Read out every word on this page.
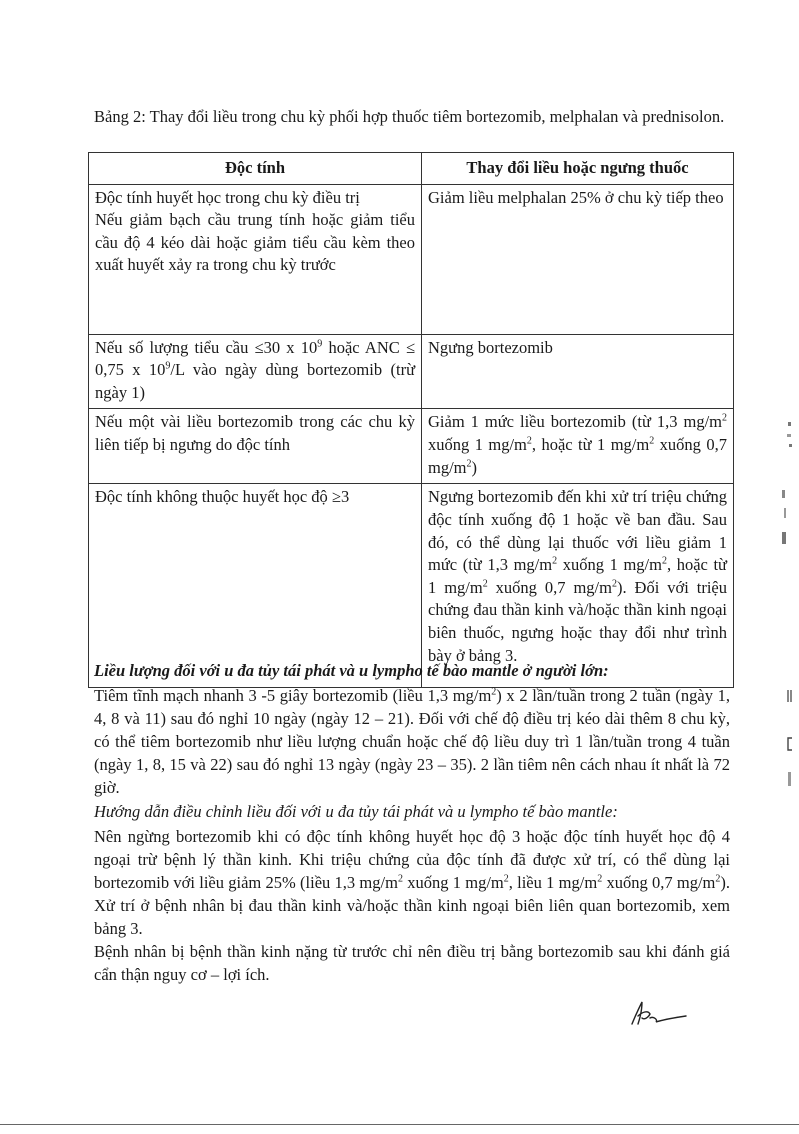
Bảng 2: Thay đổi liều trong chu kỳ phối hợp thuốc tiêm bortezomib, melphalan và prednisolon.
Độc tính	Thay đổi liều hoặc ngưng thuốc

Độc tính huyết học trong chu kỳ điều trị
Nếu giảm bạch cầu trung tính hoặc giảm tiểu cầu độ 4 kéo dài hoặc giảm tiểu cầu kèm theo xuất huyết xảy ra trong chu kỳ trước	Giảm liều melphalan 25% ở chu kỳ tiếp theo
Nếu số lượng tiểu cầu ≤30 x $10^9$ hoặc ANC ≤ 0,75 x $10^9/L$ vào ngày dùng bortezomib (trừ ngày 1)	Ngưng bortezomib
Nếu một vài liều bortezomib trong các chu kỳ liên tiếp bị ngưng do độc tính	Giảm 1 mức liều bortezomib (từ 1,3 $mg/m^2$ xuống 1 $mg/m^2$, hoặc từ 1 $mg/m^2$ xuống 0,7 $mg/m^2$)
Độc tính không thuộc huyết học độ ≥3	Ngưng bortezomib đến khi xử trí triệu chứng độc tính xuống độ 1 hoặc về ban đầu. Sau đó, có thể dùng lại thuốc với liều giảm 1 mức (từ 1,3 $mg/m^2$ xuống 1 $mg/m^2$, hoặc từ 1 $mg/m^2$ xuống 0,7 $mg/m^2$). Đối với triệu chứng đau thần kinh và/hoặc thần kinh ngoại biên thuốc, ngưng hoặc thay đổi như trình bày ở bảng 3.
Liều lượng đối với u đa tủy tái phát và u lympho tế bào mantle ở người lớn:
Tiêm tĩnh mạch nhanh 3 -5 giây bortezomib (liều 1,3 $mg/m^2$) x 2 lần/tuần trong 2 tuần (ngày 1, 4, 8 và 11) sau đó nghỉ 10 ngày (ngày 12 – 21). Đối với chế độ điều trị kéo dài thêm 8 chu kỳ, có thể tiêm bortezomib như liều lượng chuẩn hoặc chế độ liều duy trì 1 lần/tuần trong 4 tuần (ngày 1, 8, 15 và 22) sau đó nghỉ 13 ngày (ngày 23 – 35). 2 lần tiêm nên cách nhau ít nhất là 72 giờ.
Hướng dẫn điều chỉnh liều đối với u đa tủy tái phát và u lympho tế bào mantle:
Nên ngừng bortezomib khi có độc tính không huyết học độ 3 hoặc độc tính huyết học độ 4 ngoại trừ bệnh lý thần kinh. Khi triệu chứng của độc tính đã được xử trí, có thể dùng lại bortezomib với liều giảm 25% (liều 1,3 $mg/m^2$ xuống 1 $mg/m^2$, liều 1 $mg/m^2$ xuống 0,7 $mg/m^2$). Xử trí ở bệnh nhân bị đau thần kinh và/hoặc thần kinh ngoại biên liên quan bortezomib, xem bảng 3.
Bệnh nhân bị bệnh thần kinh nặng từ trước chỉ nên điều trị bằng bortezomib sau khi đánh giá cẩn thận nguy cơ – lợi ích.
